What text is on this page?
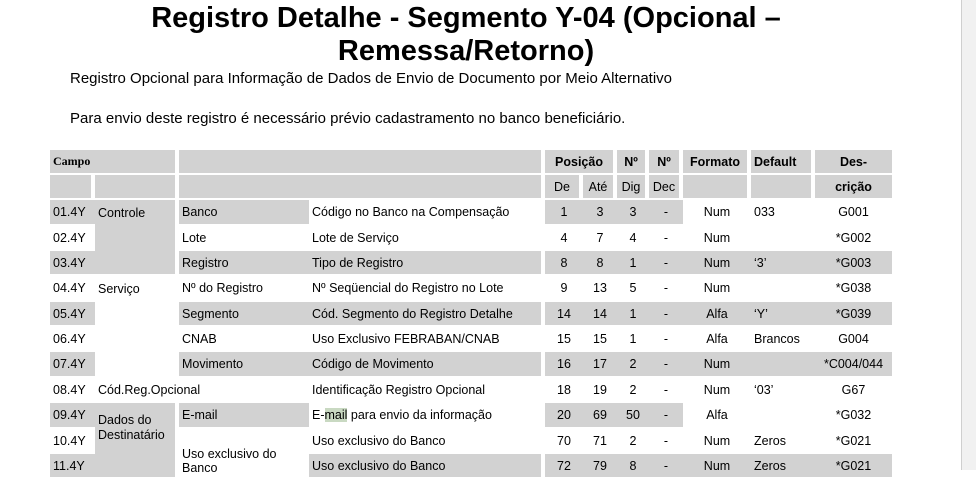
Registro Detalhe - Segmento Y-04 (Opcional – Remessa/Retorno)

Registro Opcional para Informação de Dados de Envio de Documento por Meio Alternativo

Para envio deste registro é necessário prévio cadastramento no banco beneficiário.

Campo				Posição		Nº	Nº	Formato	Default	Des-
				De	Até	Dig	Dec			crição
01.4Y	Controle	Banco	Código no Banco na Compensação	1	3	3	-	Num	033	G001
02.4Y		Lote	Lote de Serviço	4	7	4	-	Num		*G002
03.4Y		Registro	Tipo de Registro	8	8	1	-	Num	‘3’	*G003
04.4Y	Serviço	Nº do Registro	Nº Seqüencial do Registro no Lote	9	13	5	-	Num		*G038
05.4Y		Segmento	Cód. Segmento do Registro Detalhe	14	14	1	-	Alfa	‘Y’	*G039
06.4Y		CNAB	Uso Exclusivo FEBRABAN/CNAB	15	15	1	-	Alfa	Brancos	G004
07.4Y		Movimento	Código de Movimento	16	17	2	-	Num		*C004/044
08.4Y	Cód.Reg.Opcional		Identificação Registro Opcional	18	19	2	-	Num	‘03’	G67
09.4Y	Dados do Destinatário	E-mail	E-mail para envio da informação	20	69	50	-	Alfa		*G032
10.4Y		Uso exclusivo do Banco	Uso exclusivo do Banco	70	71	2	-	Num	Zeros	*G021
11.4Y			Uso exclusivo do Banco	72	79	8	-	Num	Zeros	*G021
